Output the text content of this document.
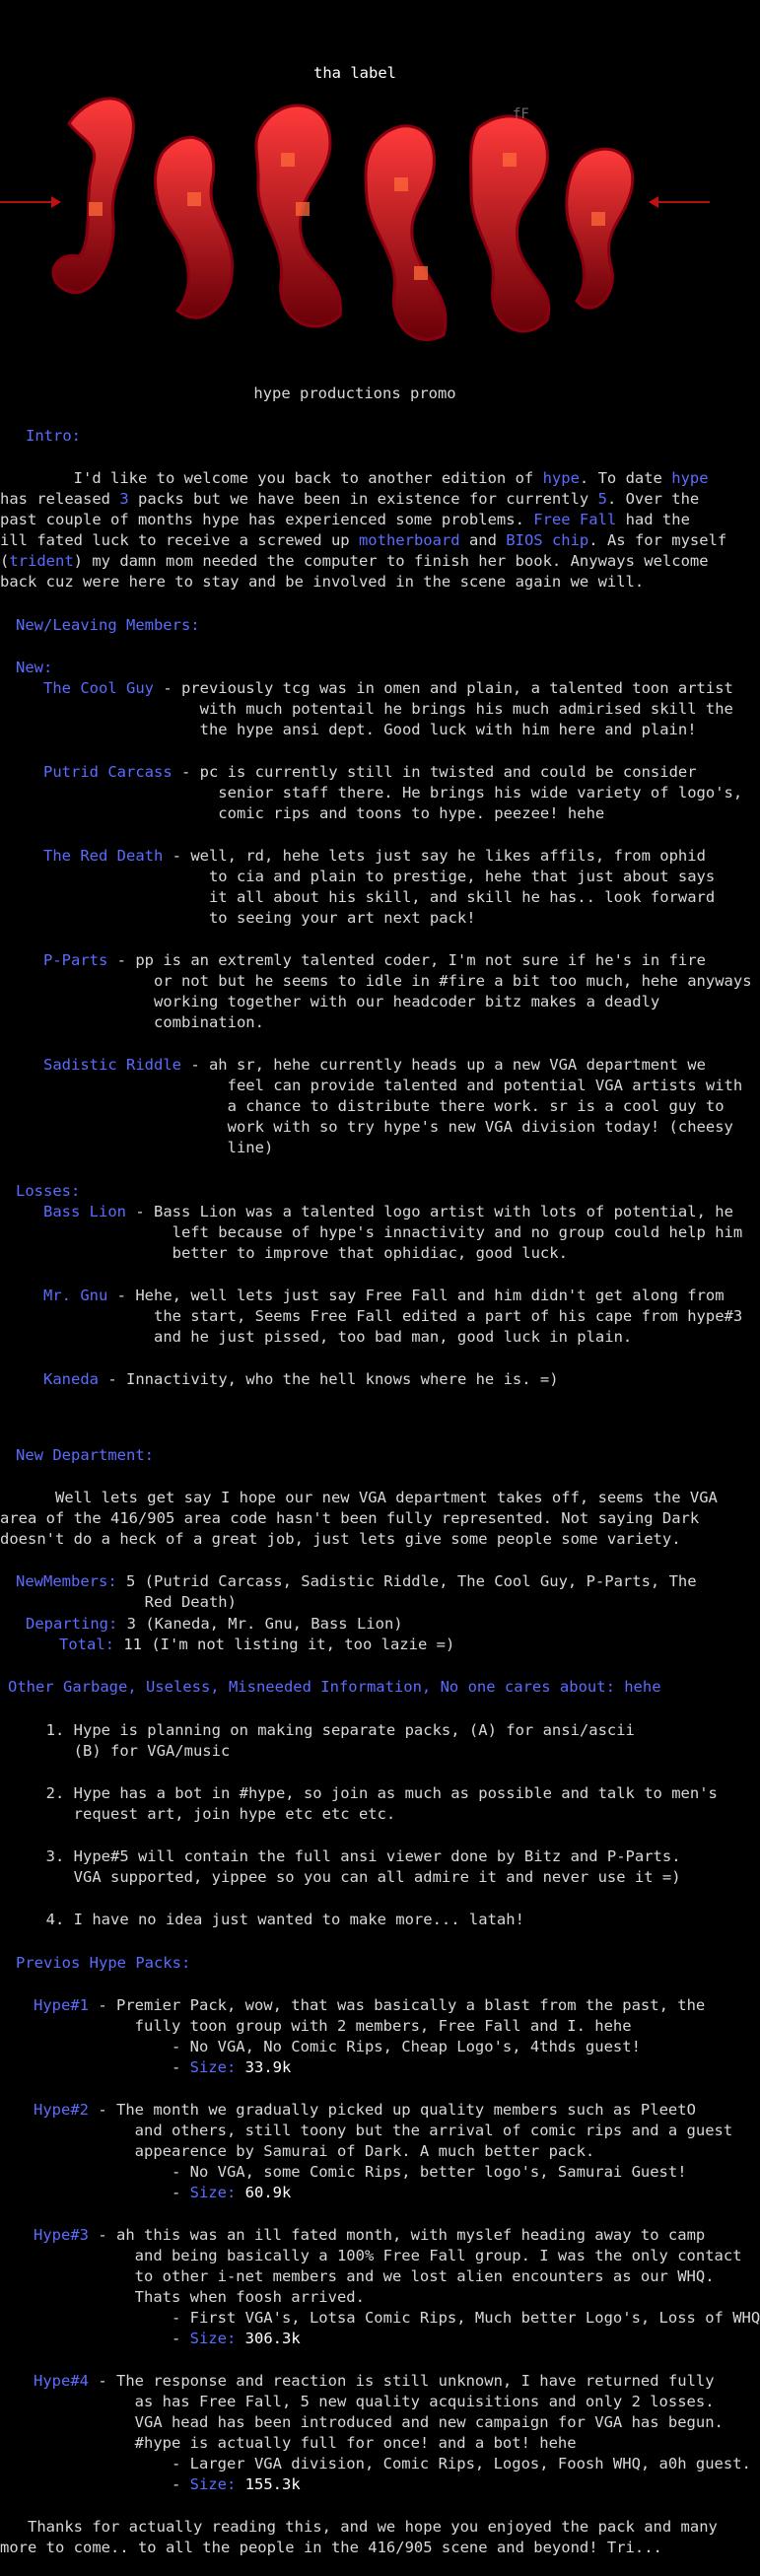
tha label
fF
hype productions promo
Intro:
I'd like to welcome you back to another edition of hype. To date hype
has released 3 packs but we have been in existence for currently 5. Over the
past couple of months hype has experienced some problems. Free Fall had the
ill fated luck to receive a screwed up motherboard and BIOS chip. As for myself
(trident) my damn mom needed the computer to finish her book. Anyways welcome
back cuz were here to stay and be involved in the scene again we will.
New/Leaving Members:
New:
The Cool Guy - previously tcg was in omen and plain, a talented toon artist
with much potentail he brings his much admirised skill the
the hype ansi dept. Good luck with him here and plain!
Putrid Carcass - pc is currently still in twisted and could be consider
senior staff there. He brings his wide variety of logo's,
comic rips and toons to hype. peezee! hehe
The Red Death - well, rd, hehe lets just say he likes affils, from ophid
to cia and plain to prestige, hehe that just about says
it all about his skill, and skill he has.. look forward
to seeing your art next pack!
P-Parts - pp is an extremly talented coder, I'm not sure if he's in fire
or not but he seems to idle in #fire a bit too much, hehe anyways
working together with our headcoder bitz makes a deadly
combination.
Sadistic Riddle - ah sr, hehe currently heads up a new VGA department we
feel can provide talented and potential VGA artists with
a chance to distribute there work. sr is a cool guy to
work with so try hype's new VGA division today! (cheesy
line)
Losses:
Bass Lion - Bass Lion was a talented logo artist with lots of potential, he
left because of hype's innactivity and no group could help him
better to improve that ophidiac, good luck.
Mr. Gnu - Hehe, well lets just say Free Fall and him didn't get along from
the start, Seems Free Fall edited a part of his cape from hype#3
and he just pissed, too bad man, good luck in plain.
Kaneda - Innactivity, who the hell knows where he is. =)
New Department:
Well lets get say I hope our new VGA department takes off, seems the VGA
area of the 416/905 area code hasn't been fully represented. Not saying Dark
doesn't do a heck of a great job, just lets give some people some variety.
NewMembers: 5 (Putrid Carcass, Sadistic Riddle, The Cool Guy, P-Parts, The
Red Death)
Departing: 3 (Kaneda, Mr. Gnu, Bass Lion)
Total: 11 (I'm not listing it, too lazie =)
Other Garbage, Useless, Misneeded Information, No one cares about: hehe
1. Hype is planning on making separate packs, (A) for ansi/ascii
(B) for VGA/music
2. Hype has a bot in #hype, so join as much as possible and talk to men's
request art, join hype etc etc etc.
3. Hype#5 will contain the full ansi viewer done by Bitz and P-Parts.
VGA supported, yippee so you can all admire it and never use it =)
4. I have no idea just wanted to make more... latah!
Previos Hype Packs:
Hype#1 - Premier Pack, wow, that was basically a blast from the past, the
fully toon group with 2 members, Free Fall and I. hehe
- No VGA, No Comic Rips, Cheap Logo's, 4thds guest!
- Size: 33.9k
Hype#2 - The month we gradually picked up quality members such as PleetO
and others, still toony but the arrival of comic rips and a guest
appearence by Samurai of Dark. A much better pack.
- No VGA, some Comic Rips, better logo's, Samurai Guest!
- Size: 60.9k
Hype#3 - ah this was an ill fated month, with myslef heading away to camp
and being basically a 100% Free Fall group. I was the only contact
to other i-net members and we lost alien encounters as our WHQ.
Thats when foosh arrived.
- First VGA's, Lotsa Comic Rips, Much better Logo's, Loss of WHQ
- Size: 306.3k
Hype#4 - The response and reaction is still unknown, I have returned fully
as has Free Fall, 5 new quality acquisitions and only 2 losses.
VGA head has been introduced and new campaign for VGA has begun.
#hype is actually full for once! and a bot! hehe
- Larger VGA division, Comic Rips, Logos, Foosh WHQ, a0h guest.
- Size: 155.3k
Thanks for actually reading this, and we hope you enjoyed the pack and many
more to come.. to all the people in the 416/905 scene and beyond! Tri...
